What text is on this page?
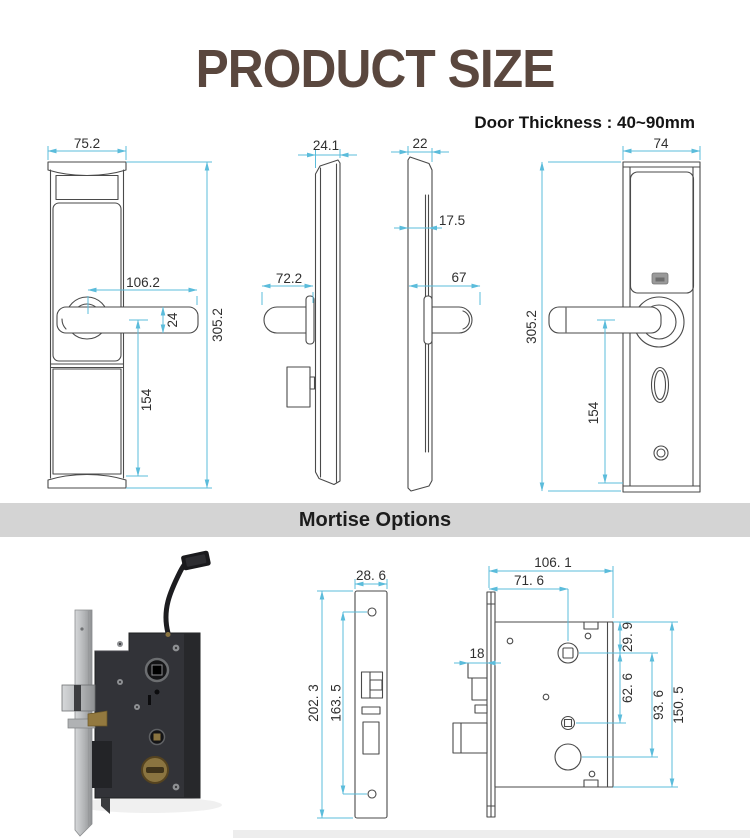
PRODUCT SIZE
Door Thickness : 40~90mm
Mortise Options
75.2
305.2
106.2
24
154
24.1
72.2
22
17.5
67
74
305.2
154
28. 6
202. 3 163. 5
106. 1
71. 6
18
29. 9
62. 6
93. 6 150. 5
